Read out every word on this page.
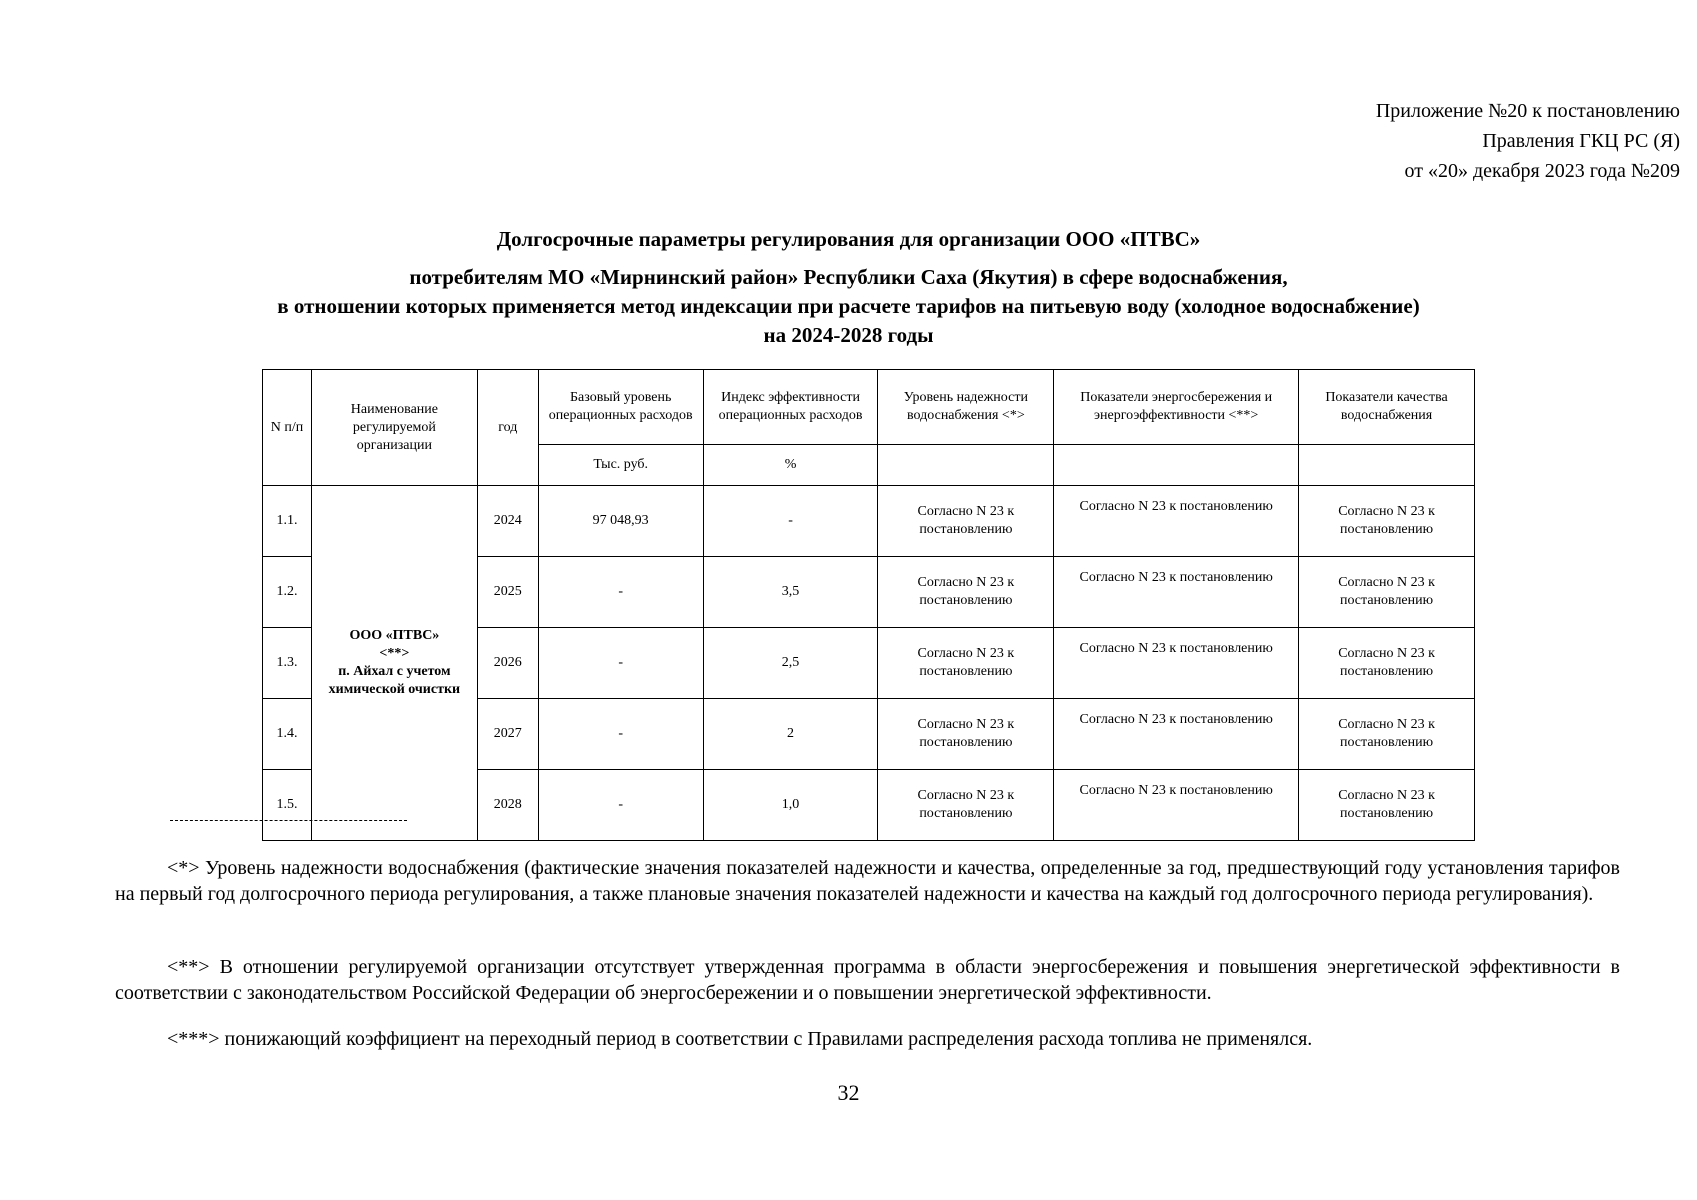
Приложение №20 к постановлению
Правления ГКЦ РС (Я)
от «20» декабря 2023 года №209
Долгосрочные параметры регулирования для организации ООО «ПТВС»
потребителям МО «Мирнинский район» Республики Саха (Якутия) в сфере водоснабжения,
в отношении которых применяется метод индексации при расчете тарифов на питьевую воду (холодное водоснабжение)
на 2024-2028 годы
N п/п	Наименование регулируемой организации	год	Базовый уровень операционных расходов	Индекс эффективности операционных расходов	Уровень надежности водоснабжения <*>	Показатели энергосбережения и энергоэффективности <**>	Показатели качества водоснабжения
			Тыс. руб.	%			
1.1.	ООО «ПТВС»
<**>
п. Айхал с учетом химической очистки	2024	97 048,93	-	Согласно N 23 к постановлению	Согласно N 23 к постановлению	Согласно N 23 к постановлению
1.2.		2025	-	3,5	Согласно N 23 к постановлению	Согласно N 23 к постановлению	Согласно N 23 к постановлению
1.3.		2026	-	2,5	Согласно N 23 к постановлению	Согласно N 23 к постановлению	Согласно N 23 к постановлению
1.4.		2027	-	2	Согласно N 23 к постановлению	Согласно N 23 к постановлению	Согласно N 23 к постановлению
1.5.		2028	-	1,0	Согласно N 23 к постановлению	Согласно N 23 к постановлению	Согласно N 23 к постановлению
<*> Уровень надежности водоснабжения (фактические значения показателей надежности и качества, определенные за год, предшествующий году установления тарифов на первый год долгосрочного периода регулирования, а также плановые значения показателей надежности и качества на каждый год долгосрочного периода регулирования).
<**> В отношении регулируемой организации отсутствует утвержденная программа в области энергосбережения и повышения энергетической эффективности в соответствии с законодательством Российской Федерации об энергосбережении и о повышении энергетической эффективности.
<***> понижающий коэффициент на переходный период в соответствии с Правилами распределения расхода топлива не применялся.
32
